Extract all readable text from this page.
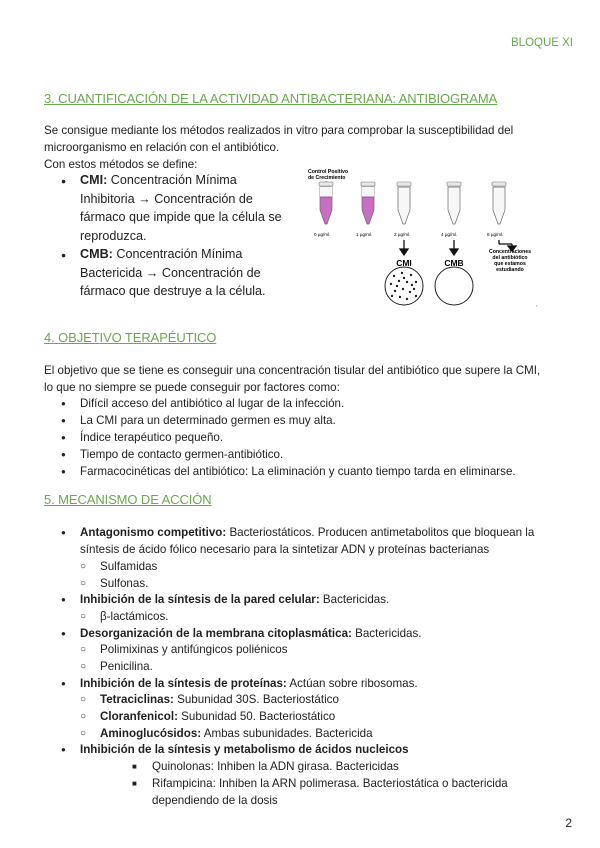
BLOQUE XI
3. CUANTIFICACIÓN DE LA ACTIVIDAD ANTIBACTERIANA: ANTIBIOGRAMA
Se consigue mediante los métodos realizados in vitro para comprobar la susceptibilidad del
microorganismo en relación con el antibiótico.
Con estos métodos se define:
● CMI: Concentración Mínima
Inhibitoria → Concentración de
fármaco que impide que la célula se
reproduzca.
● CMB: Concentración Mínima
Bactericida → Concentración de
fármaco que destruye a la célula.
Control Positivo
de Crecimiento
0 µg/ml.	1 µg/ml.	2 µg/ml.	4 µg/ml.	8 µg/ml.
Concentraciones
del antibiótico
que estamos
estudiando
CMI	CMB
,
4. OBJETIVO TERAPÉUTICO
El objetivo que se tiene es conseguir una concentración tisular del antibiótico que supere la CMI,
lo que no siempre se puede conseguir por factores como:
● Difícil acceso del antibiótico al lugar de la infección.
● La CMI para un determinado germen es muy alta.
● Índice terapéutico pequeño.
● Tiempo de contacto germen-antibiótico.
● Farmacocinéticas del antibiótico: La eliminación y cuanto tiempo tarda en eliminarse.
5. MECANISMO DE ACCIÓN
● Antagonismo competitivo: Bacteriostáticos. Producen antimetabolitos que bloquean la
síntesis de ácido fólico necesario para la sintetizar ADN y proteínas bacterianas
○ Sulfamidas
○ Sulfonas.
● Inhibición de la síntesis de la pared celular: Bactericidas.
○ β-lactámicos.
● Desorganización de la membrana citoplasmática: Bactericidas.
○ Polimixinas y antifúngicos poliénicos
○ Penicilina.
● Inhibición de la síntesis de proteínas: Actúan sobre ribosomas.
○ Tetraciclinas: Subunidad 30S. Bacteriostático
○ Cloranfenicol: Subunidad 50. Bacteriostático
○ Aminoglucósidos: Ambas subunidades. Bactericida
● Inhibición de la síntesis y metabolismo de ácidos nucleicos
■ Quinolonas: Inhiben la ADN girasa. Bactericidas
■ Rifampicina: Inhiben la ARN polimerasa. Bacteriostática o bactericida
dependiendo de la dosis
2
